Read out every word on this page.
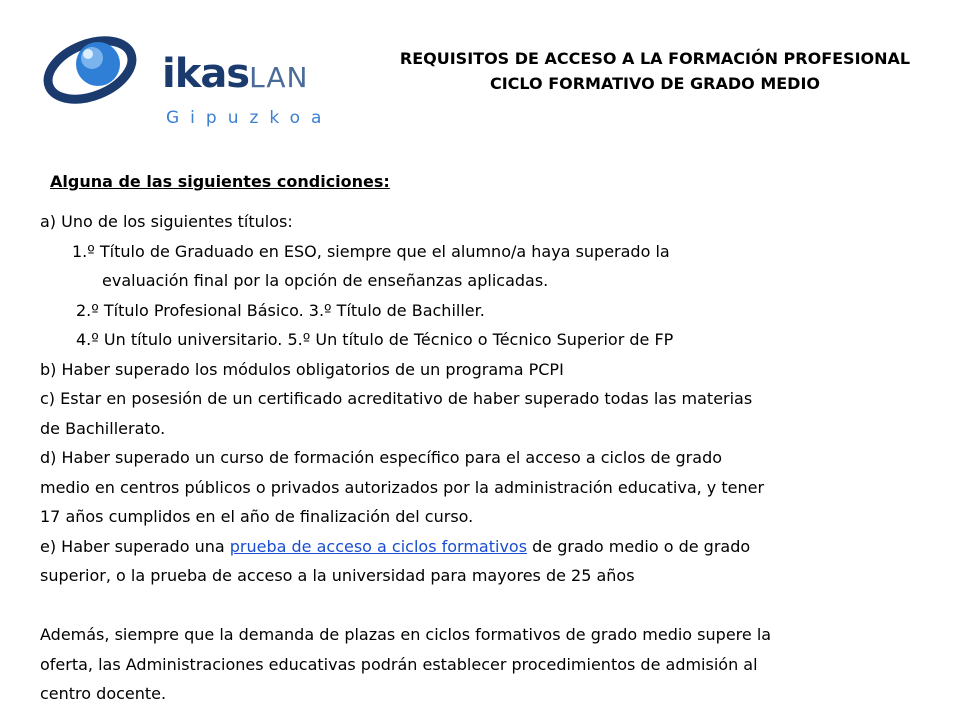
ikasLAN
Gipuzkoa
REQUISITOS DE ACCESO A LA FORMACIÓN PROFESIONAL
CICLO FORMATIVO DE GRADO MEDIO
Alguna de las siguientes condiciones:
a) Uno de los siguientes títulos:
1.º Título de Graduado en ESO, siempre que el alumno/a haya superado la
evaluación final por la opción de enseñanzas aplicadas.
2.º Título Profesional Básico. 3.º Título de Bachiller.
4.º Un título universitario. 5.º Un título de Técnico o Técnico Superior de FP
b) Haber superado los módulos obligatorios de un programa PCPI
c) Estar en posesión de un certificado acreditativo de haber superado todas las materias
de Bachillerato.
d) Haber superado un curso de formación específico para el acceso a ciclos de grado
medio en centros públicos o privados autorizados por la administración educativa, y tener
17 años cumplidos en el año de finalización del curso.
e) Haber superado una prueba de acceso a ciclos formativos de grado medio o de grado
superior, o la prueba de acceso a la universidad para mayores de 25 años
Además, siempre que la demanda de plazas en ciclos formativos de grado medio supere la
oferta, las Administraciones educativas podrán establecer procedimientos de admisión al
centro docente.
